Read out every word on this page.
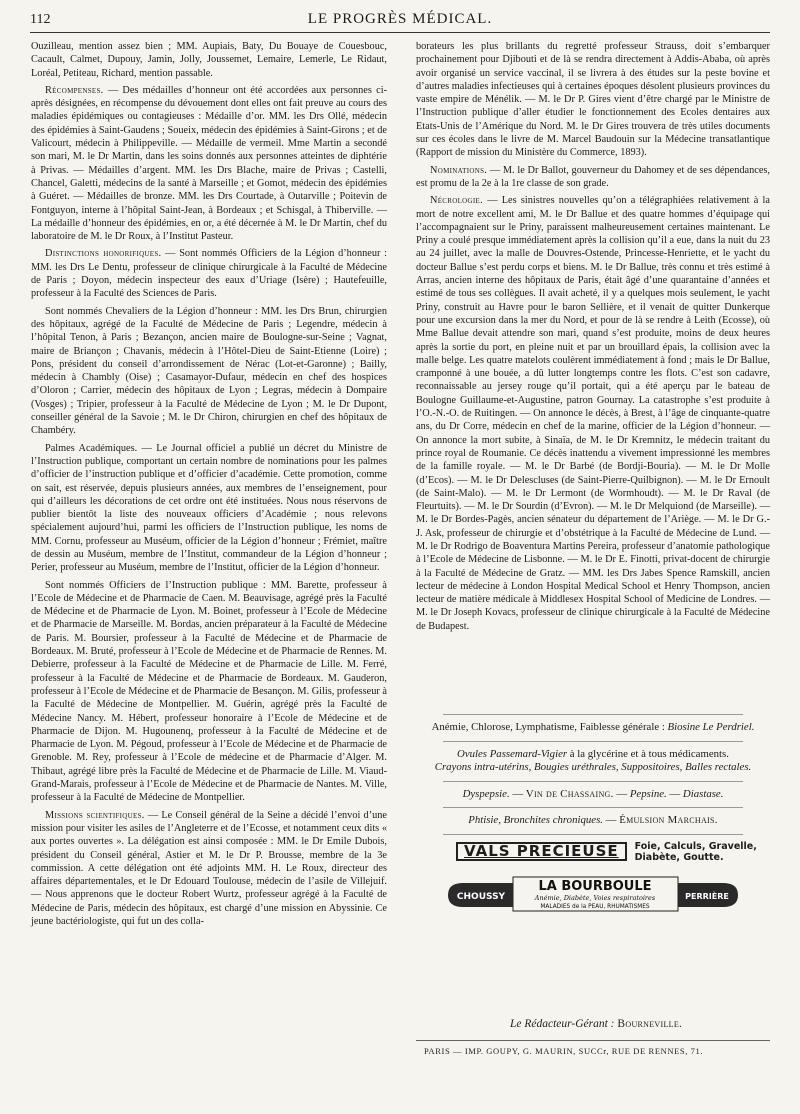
112	LE PROGRÈS MÉDICAL.

Ouzilleau, mention assez bien ; MM. Aupiais, Baty, Du Bouaye de Couesbouc, Cacault, Calmet, Dupouy, Jamin, Jolly, Joussemet, Lemaire, Lemerle, Le Ridaut, Loréal, Petiteau, Richard, mention passable.

Récompenses. — Des médailles d’honneur ont été accordées aux personnes ci-après désignées, en récompense du dévouement dont elles ont fait preuve au cours des maladies épidémiques ou contagieuses : Médaille d’or. MM. les Drs Ollé, médecin des épidémies à Saint-Gaudens ; Soueix, médecin des épidémies à Saint-Girons ; et de Valicourt, médecin à Philippeville. — Médaille de vermeil. Mme Martin a secondé son mari, M. le Dr Martin, dans les soins donnés aux personnes atteintes de diphtérie à Privas. — Médailles d’argent. MM. les Drs Blache, maire de Privas ; Castelli, Chancel, Galetti, médecins de la santé à Marseille ; et Gomot, médecin des épidémies à Guéret. — Médailles de bronze. MM. les Drs Courtade, à Outarville ; Poitevin de Fontguyon, interne à l’hôpital Saint-Jean, à Bordeaux ; et Schisgal, à Thiberville. — La médaille d’honneur des épidémies, en or, a été décernée à M. le Dr Martin, chef du laboratoire de M. le Dr Roux, à l’Institut Pasteur.

Distinctions honorifiques. — Sont nommés Officiers de la Légion d’honneur : MM. les Drs Le Dentu, professeur de clinique chirurgicale à la Faculté de Médecine de Paris ; Doyon, médecin inspecteur des eaux d’Uriage (Isère) ; Hautefeuille, professeur à la Faculté des Sciences de Paris.

Sont nommés Chevaliers de la Légion d’honneur : MM. les Drs Brun, chirurgien des hôpitaux, agrégé de la Faculté de Médecine de Paris ; Legendre, médecin à l’hôpital Tenon, à Paris ; Bezançon, ancien maire de Boulogne-sur-Seine ; Vagnat, maire de Briançon ; Chavanis, médecin à l’Hôtel-Dieu de Saint-Etienne (Loire) ; Pons, président du conseil d’arrondissement de Nérac (Lot-et-Garonne) ; Bailly, médecin à Chambly (Oise) ; Casamayor-Dufaur, médecin en chef des hospices d’Oloron ; Carrier, médecin des hôpitaux de Lyon ; Legras, médecin à Dompaire (Vosges) ; Tripier, professeur à la Faculté de Médecine de Lyon ; M. le Dr Dupont, conseiller général de la Savoie ; M. le Dr Chiron, chirurgien en chef des hôpitaux de Chambéry.

Palmes Académiques. — Le Journal officiel a publié un décret du Ministre de l’Instruction publique, comportant un certain nombre de nominations pour les palmes d’officier de l’instruction publique et d’officier d’académie. Cette promotion, comme on sait, est réservée, depuis plusieurs années, aux membres de l’enseignement, pour qui d’ailleurs les décorations de cet ordre ont été instituées. Nous nous réservons de publier bientôt la liste des nouveaux officiers d’Académie ; nous relevons spécialement aujourd’hui, parmi les officiers de l’Instruction publique, les noms de MM. Cornu, professeur au Muséum, officier de la Légion d’honneur ; Frémiet, maître de dessin au Muséum, membre de l’Institut, commandeur de la Légion d’honneur ; Perier, professeur au Muséum, membre de l’Institut, officier de la Légion d’honneur.

Sont nommés Officiers de l’Instruction publique : MM. Barette, professeur à l’Ecole de Médecine et de Pharmacie de Caen. M. Beauvisage, agrégé près la Faculté de Médecine et de Pharmacie de Lyon. M. Boinet, professeur à l’Ecole de Médecine et de Pharmacie de Marseille. M. Bordas, ancien préparateur à la Faculté de Médecine de Paris. M. Boursier, professeur à la Faculté de Médecine et de Pharmacie de Bordeaux. M. Bruté, professeur à l’Ecole de Médecine et de Pharmacie de Rennes. M. Debierre, professeur à la Faculté de Médecine et de Pharmacie de Lille. M. Ferré, professeur à la Faculté de Médecine et de Pharmacie de Bordeaux. M. Gauderon, professeur à l’Ecole de Médecine et de Pharmacie de Besançon. M. Gilis, professeur à la Faculté de Médecine de Montpellier. M. Guérin, agrégé près la Faculté de Médecine Nancy. M. Hébert, professeur honoraire à l’Ecole de Médecine et de Pharmacie de Dijon. M. Hugounenq, professeur à la Faculté de Médecine et de Pharmacie de Lyon. M. Pégoud, professeur à l’Ecole de Médecine et de Pharmacie de Grenoble. M. Rey, professeur à l’Ecole de médecine et de Pharmacie d’Alger. M. Thibaut, agrégé libre près la Faculté de Médecine et de Pharmacie de Lille. M. Viaud-Grand-Marais, professeur à l’Ecole de Médecine et de Pharmacie de Nantes. M. Ville, professeur à la Faculté de Médecine de Montpellier.

Missions scientifiques. — Le Conseil général de la Seine a décidé l’envoi d’une mission pour visiter les asiles de l’Angleterre et de l’Ecosse, et notamment ceux dits « aux portes ouvertes ». La délégation est ainsi composée : MM. le Dr Emile Dubois, président du Conseil général, Astier et M. le Dr P. Brousse, membre de la 3e commission. A cette délégation ont été adjoints MM. H. Le Roux, directeur des affaires départementales, et le Dr Edouard Toulouse, médecin de l’asile de Villejuif. — Nous apprenons que le docteur Robert Wurtz, professeur agrégé à la Faculté de Médecine de Paris, médecin des hôpitaux, est chargé d’une mission en Abyssinie. Ce jeune bactériologiste, qui fut un des colla-

borateurs les plus brillants du regretté professeur Strauss, doit s’embarquer prochainement pour Djibouti et de là se rendra directement à Addis-Ababa, où après avoir organisé un service vaccinal, il se livrera à des études sur la peste bovine et d’autres maladies infectieuses qui à certaines époques désolent plusieurs provinces du vaste empire de Ménélik. — M. le Dr P. Gires vient d’être chargé par le Ministre de l’Instruction publique d’aller étudier le fonctionnement des Ecoles dentaires aux Etats-Unis de l’Amérique du Nord. M. le Dr Gires trouvera de très utiles documents sur ces écoles dans le livre de M. Marcel Baudouin sur la Médecine transatlantique (Rapport de mission du Ministère du Commerce, 1893).

Nominations. — M. le Dr Ballot, gouverneur du Dahomey et de ses dépendances, est promu de la 2e à la 1re classe de son grade.

Nécrologie. — Les sinistres nouvelles qu’on a télégraphiées relativement à la mort de notre excellent ami, M. le Dr Ballue et des quatre hommes d’équipage qui l’accompagnaient sur le Priny, paraissent malheureusement certaines maintenant. Le Priny a coulé presque immédiatement après la collision qu’il a eue, dans la nuit du 23 au 24 juillet, avec la malle de Douvres-Ostende, Princesse-Henriette, et le yacht du docteur Ballue s’est perdu corps et biens. M. le Dr Ballue, très connu et très estimé à Arras, ancien interne des hôpitaux de Paris, était âgé d’une quarantaine d’années et estimé de tous ses collègues. Il avait acheté, il y a quelques mois seulement, le yacht Priny, construit au Havre pour le baron Sellière, et il venait de quitter Dunkerque pour une excursion dans la mer du Nord, et pour de là se rendre à Leith (Ecosse), où Mme Ballue devait attendre son mari, quand s’est produite, moins de deux heures après la sortie du port, en pleine nuit et par un brouillard épais, la collision avec la malle belge. Les quatre matelots coulèrent immédiatement à fond ; mais le Dr Ballue, cramponné à une bouée, a dû lutter longtemps contre les flots. C’est son cadavre, reconnaissable au jersey rouge qu’il portait, qui a été aperçu par le bateau de Boulogne Guillaume-et-Augustine, patron Gournay. La catastrophe s’est produite à l’O.-N.-O. de Ruitingen. — On annonce le décès, à Brest, à l’âge de cinquante-quatre ans, du Dr Corre, médecin en chef de la marine, officier de la Légion d’honneur. — On annonce la mort subite, à Sinaïa, de M. le Dr Kremnitz, le médecin traitant du prince royal de Roumanie. Ce décès inattendu a vivement impressionné les membres de la famille royale. — M. le Dr Barbé (de Bordji-Bouria). — M. le Dr Molle (d’Ecos). — M. le Dr Delescluses (de Saint-Pierre-Quilbignon). — M. le Dr Ernoult (de Saint-Malo). — M. le Dr Lermont (de Wormhoudt). — M. le Dr Raval (de Fleurtuits). — M. le Dr Sourdin (d’Evron). — M. le Dr Melquiond (de Marseille). — M. le Dr Bordes-Pagès, ancien sénateur du département de l’Ariège. — M. le Dr G.-J. Ask, professeur de chirurgie et d’obstétrique à la Faculté de Médecine de Lund. — M. le Dr Rodrigo de Boaventura Martins Pereira, professeur d’anatomie pathologique à l’Ecole de Médecine de Lisbonne. — M. le Dr E. Finotti, privat-docent de chirurgie à la Faculté de Médecine de Gratz. — MM. les Drs Jabes Spence Ramskill, ancien lecteur de médecine à London Hospital Medical School et Henry Thompson, ancien lecteur de matière médicale à Middlesex Hospital School of Medicine de Londres. — M. le Dr Joseph Kovacs, professeur de clinique chirurgicale à la Faculté de Médecine de Budapest.

Anémie, Chlorose, Lymphatisme, Faiblesse générale : Biosine Le Perdriel.
Ovules Passemard-Vigier à la glycérine et à tous médicaments.
Crayons intra-utérins, Bougies uréthrales, Suppositoires, Balles rectales.
Dyspepsie. — Vin de Chassaing. — Pepsine. — Diastase.
Phtisie, Bronchites chroniques. — Émulsion Marchais.
VALS PRÉCIEUSE	Foie, Calculs, Gravelle,
Diabète, Goutte.
CHOUSSY	PERRIÈRE
LA BOURBOULE
Anémie, Diabète, Voies respiratoires
MALADIES de la PEAU, RHUMATISMES
Le Rédacteur-Gérant : Bourneville.
PARIS — IMP. GOUPY, G. MAURIN, SUCCr, RUE DE RENNES, 71.
